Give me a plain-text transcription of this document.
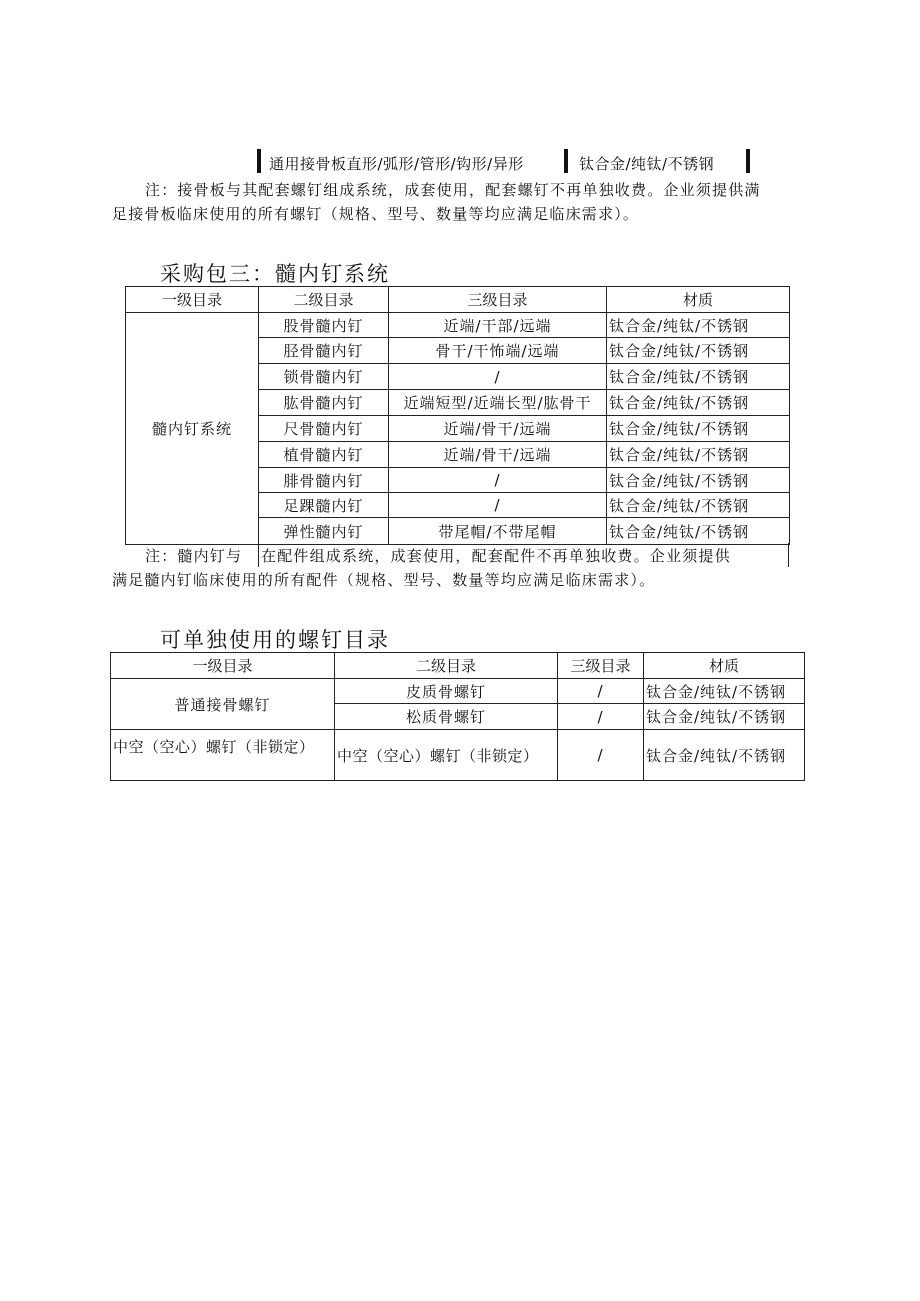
通用接骨板直形/弧形/管形/钩形/异形	钛合金/纯钛/不锈钢
注：接骨板与其配套螺钉组成系统，成套使用，配套螺钉不再单独收费。企业须提供满
足接骨板临床使用的所有螺钉（规格、型号、数量等均应满足临床需求）。
采购包三：髓内钉系统
一级目录	二级目录	三级目录	材质
髓内钉系统	股骨髓内钉	近端/干部/远端	钛合金/纯钛/不锈钢
	胫骨髓内钉	骨干/干怖端/远端	钛合金/纯钛/不锈钢
	锁骨髓内钉	/	钛合金/纯钛/不锈钢
	肱骨髓内钉	近端短型/近端长型/肱骨干	钛合金/纯钛/不锈钢
	尺骨髓内钉	近端/骨干/远端	钛合金/纯钛/不锈钢
	植骨髓内钉	近端/骨干/远端	钛合金/纯钛/不锈钢
	腓骨髓内钉	/	钛合金/纯钛/不锈钢
	足踝髓内钉	/	钛合金/纯钛/不锈钢
	弹性髓内钉	带尾帽/不带尾帽	钛合金/纯钛/不锈钢
注：髓内钉与 在配件组成系统，成套使用，配套配件不再单独收费。企业须提供
满足髓内钉临床使用的所有配件（规格、型号、数量等均应满足临床需求）。
可单独使用的螺钉目录
一级目录	二级目录	三级目录	材质
普通接骨螺钉	皮质骨螺钉	/	钛合金/纯钛/不锈钢
	松质骨螺钉	/	钛合金/纯钛/不锈钢
中空（空心）螺钉（非锁定）	中空（空心）螺钉（非锁定）	/	钛合金/纯钛/不锈钢
